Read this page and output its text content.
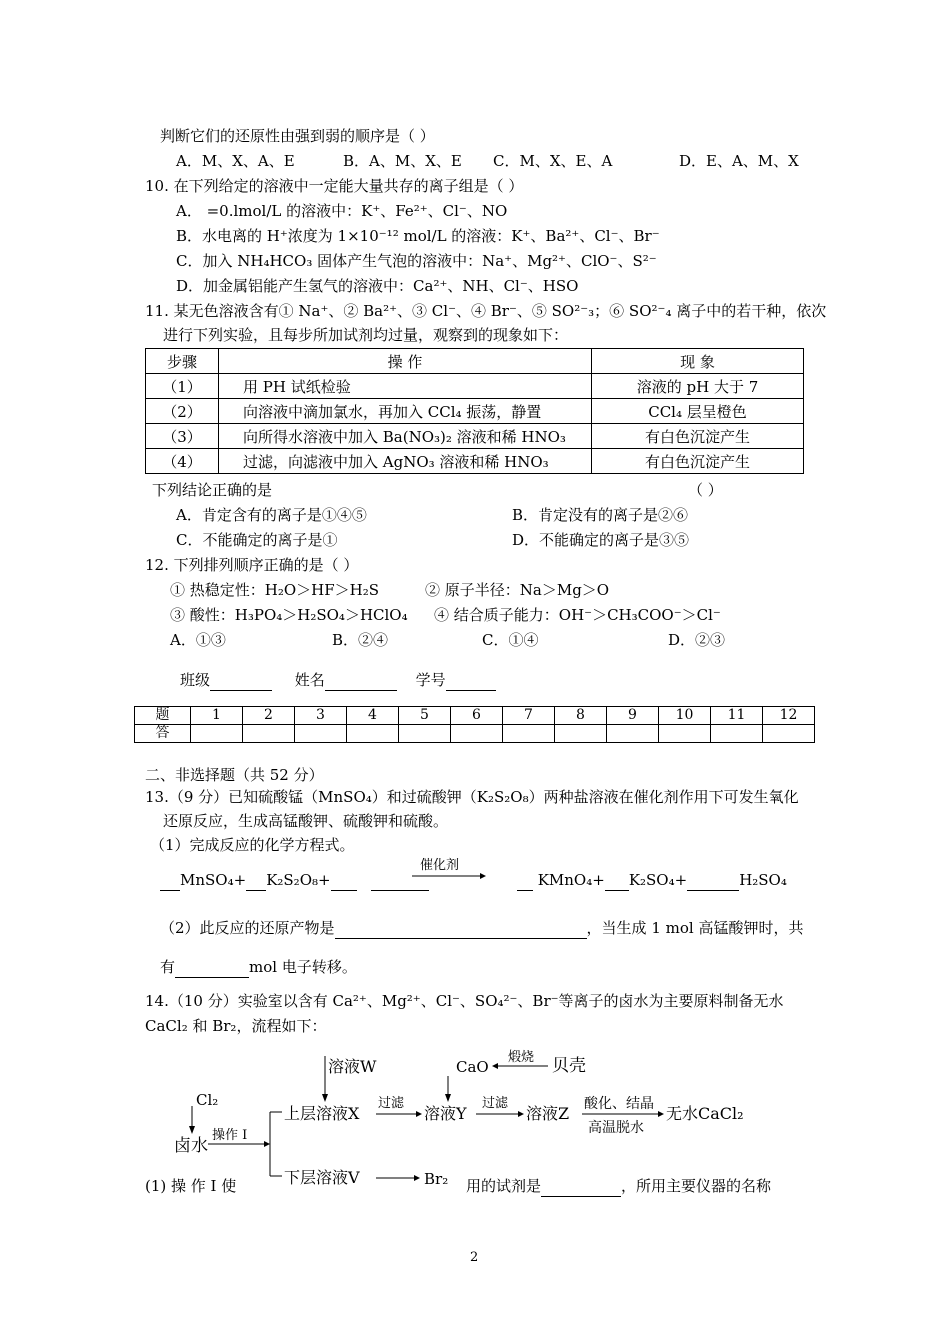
判断它们的还原性由强到弱的顺序是（ ）
A．M、X、A、E	B．A、M、X、E C．M、X、E、A	D．E、A、M、X
10. 在下列给定的溶液中一定能大量共存的离子组是（ ）
A． =0.lmol/L 的溶液中：K⁺、Fe²⁺、Cl⁻、NO
B．水电离的 H⁺浓度为 1×10⁻¹² mol/L 的溶液：K⁺、Ba²⁺、Cl⁻、Br⁻
C．加入 NH₄HCO₃ 固体产生气泡的溶液中：Na⁺、Mg²⁺、ClO⁻、S²⁻
D．加金属铝能产生氢气的溶液中：Ca²⁺、NH、Cl⁻、HSO
11. 某无色溶液含有① Na⁺、② Ba²⁺、③ Cl⁻、④ Br⁻、⑤ SO²⁻₃；⑥ SO²⁻₄ 离子中的若干种，依次
进行下列实验，且每步所加试剂均过量，观察到的现象如下：
步骤	操 作	现 象
（1）	用 PH 试纸检验	溶液的 pH 大于 7
（2）	向溶液中滴加氯水，再加入 CCl₄ 振荡，静置	CCl₄ 层呈橙色
（3）	向所得水溶液中加入 Ba(NO₃)₂ 溶液和稀 HNO₃	有白色沉淀产生
（4）	过滤，向滤液中加入 AgNO₃ 溶液和稀 HNO₃	有白色沉淀产生
下列结论正确的是	（ ）
A．肯定含有的离子是①④⑤	B．肯定没有的离子是②⑥
C．不能确定的离子是①	D．不能确定的离子是③⑤
12. 下列排列顺序正确的是（ ）
① 热稳定性：H₂O＞HF＞H₂S	② 原子半径：Na＞Mg＞O
③ 酸性：H₃PO₄＞H₂SO₄＞HClO₄ ④ 结合质子能力：OH⁻＞CH₃COO⁻＞Cl⁻
A．①③	B．②④	C．①④	D．②③
班级	姓名	学号
题	1	2	3	4	5	6	7	8	9	10	11	12
答												
二、非选择题（共 52 分）
13.（9 分）已知硫酸锰（MnSO₄）和过硫酸钾（K₂S₂O₈）两种盐溶液在催化剂作用下可发生氧化
还原反应，生成高锰酸钾、硫酸钾和硫酸。
（1）完成反应的化学方程式。
MnSO₄+ K₂S₂O₈+	KMnO₄+ K₂SO₄+	H₂SO₄
催化剂
（2）此反应的还原产物是	，当生成 1 mol 高锰酸钾时，共
有	mol 电子转移。
14.（10 分）实验室以含有 Ca²⁺、Mg²⁺、Cl⁻、SO₄²⁻、Br⁻等离子的卤水为主要原料制备无水
CaCl₂ 和 Br₂，流程如下：
Cl₂
卤水
操作 I
上层溶液X
下层溶液V	Br₂
溶液W	CaO
煅烧 贝壳
过滤
溶液Y
过滤
溶液Z 酸化、结晶
高温脱水
无水CaCl₂
(1) 操 作 I 使	用的试剂是	，所用主要仪器的名称
2
